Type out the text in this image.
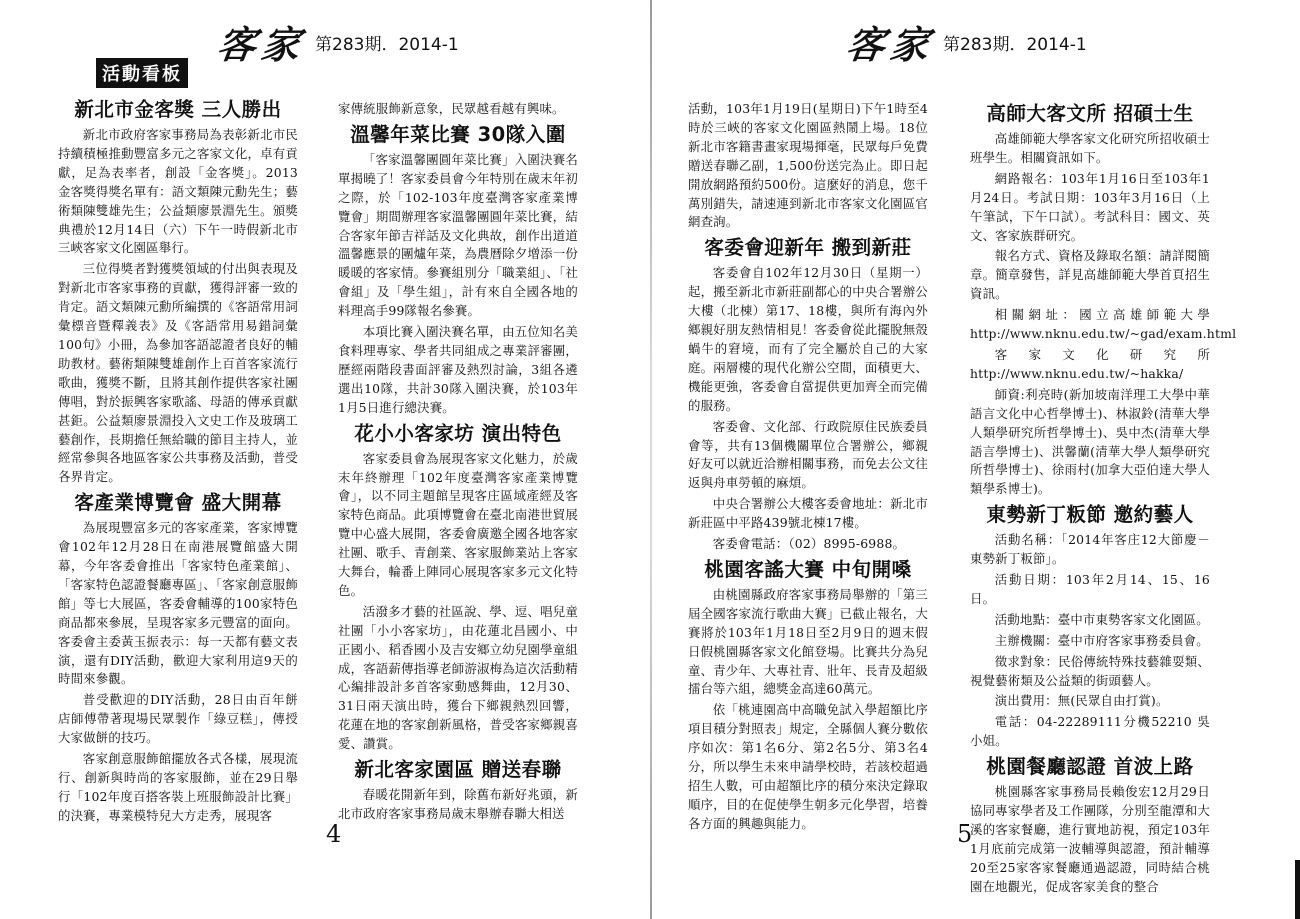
客家 第283期．2014-1
活動看板
新北市金客獎 三人勝出

新北市政府客家事務局為表彰新北市民持續積極推動豐富多元之客家文化，卓有貢獻，足為表率者，創設「金客獎」。2013金客獎得獎名單有：語文類陳元勳先生；藝術類陳雙雄先生；公益類廖景淵先生。頒獎典禮於12月14日（六）下午一時假新北市三峽客家文化園區舉行。

三位得獎者對獲獎領域的付出與表現及對新北市客家事務的貢獻，獲得評審一致的肯定。語文類陳元勳所編撰的《客語常用詞彙標音暨釋義表》及《客語常用易錯詞彙100句》小冊，為參加客語認證者良好的輔助教材。藝術類陳雙雄創作上百首客家流行歌曲，獲獎不斷，且將其創作提供客家社團傳唱，對於振興客家歌謠、母語的傳承貢獻甚鉅。公益類廖景淵投入文史工作及玻璃工藝創作，長期擔任無給職的節目主持人，並經常參與各地區客家公共事務及活動，普受各界肯定。

客產業博覽會 盛大開幕

為展現豐富多元的客家產業，客家博覽會102年12月28日在南港展覽館盛大開幕，今年客委會推出「客家特色產業館」、「客家特色認證餐廳專區」、「客家創意服飾館」等七大展區，客委會輔導的100家特色商品都來參展，呈現客家多元豐富的面向。 客委會主委黃玉振表示：每一天都有藝文表演，還有DIY活動，歡迎大家利用這9天的時間來參觀。

普受歡迎的DIY活動，28日由百年餅店師傅帶著現場民眾製作「綠豆糕」，傳授大家做餅的技巧。

客家創意服飾館擺放各式各樣，展現流行、創新與時尚的客家服飾，並在29日舉行「102年度百搭客裝上班服飾設計比賽」的決賽，專業模特兒大方走秀，展現客

家傳統服飾新意象，民眾越看越有興味。

溫馨年菜比賽 30隊入圍

「客家溫馨團圓年菜比賽」入圍決賽名單揭曉了！客家委員會今年特別在歲末年初之際，於「102-103年度臺灣客家產業博覽會」期間辦理客家溫馨團圓年菜比賽，結合客家年節吉祥話及文化典故，創作出道道溫馨應景的團爐年菜，為農曆除夕增添一份暖暖的客家情。參賽組別分「職業組」、「社會組」及「學生組」，計有來自全國各地的料理高手99隊報名參賽。

本項比賽入圍決賽名單，由五位知名美食料理專家、學者共同組成之專業評審團，歷經兩階段書面評審及熱烈討論，3組各遴選出10隊，共計30隊入圍決賽，於103年1月5日進行總決賽。

花小小客家坊 演出特色

客家委員會為展現客家文化魅力，於歲末年終辦理「102年度臺灣客家產業博覽會」，以不同主題館呈現客庄區域產經及客家特色商品。此項博覽會在臺北南港世貿展覽中心盛大展開，客委會廣邀全國各地客家社團、歌手、青創業、客家服飾業站上客家大舞台，輪番上陣同心展現客家多元文化特色。

活潑多才藝的社區說、學、逗、唱兒童社團「小小客家坊」，由花蓮北昌國小、中正國小、稻香國小及吉安鄉立幼兒園學童組成，客語薪傳指導老師游淑梅為這次活動精心編排設計多首客家動感舞曲，12月30、31日兩天演出時，獲台下鄉親熱烈回響，花蓮在地的客家創新風格，普受客家鄉親喜愛、讚賞。

新北客家園區 贈送春聯

春暖花開新年到，除舊布新好兆頭，新北市政府客家事務局歲末舉辦春聯大相送

4
客家 第283期．2014-1

活動，103年1月19日(星期日)下午1時至4時於三峽的客家文化園區熱鬧上場。18位新北市客籍書畫家現場揮毫，民眾每戶免費贈送春聯乙副，1,500份送完為止。即日起開放網路預約500份。這麼好的消息，您千萬別錯失，請速連到新北市客家文化園區官網查詢。

客委會迎新年 搬到新莊

客委會自102年12月30日（星期一）起，搬至新北市新莊副都心的中央合署辦公大樓（北棟）第17、18樓，與所有海內外鄉親好朋友熱情相見！客委會從此擺脫無殼蝸牛的窘境，而有了完全屬於自己的大家庭。兩層樓的現代化辦公空間，面積更大、機能更強，客委會自當提供更加齊全而完備的服務。

客委會、文化部、行政院原住民族委員會等，共有13個機關單位合署辦公，鄉親好友可以就近洽辦相關事務，而免去公文往返與舟車勞頓的麻煩。

中央合署辦公大樓客委會地址：新北市新莊區中平路439號北棟17樓。

客委會電話：（02）8995-6988。

桃園客謠大賽 中旬開嗓

由桃園縣政府客家事務局舉辦的「第三屆全國客家流行歌曲大賽」已截止報名，大賽將於103年1月18日至2月9日的週末假日假桃園縣客家文化館登場。比賽共分為兒童、青少年、大專社青、壯年、長青及超級擂台等六組，總獎金高達60萬元。

依「桃連園高中高職免試入學超額比序項目積分對照表」規定，全縣個人賽分數依序如次：第1名6分、第2名5分、第3名4分，所以學生未來申請學校時，若該校超過招生人數，可由超額比序的積分來決定錄取順序，目的在促使學生朝多元化學習，培養各方面的興趣與能力。

高師大客文所 招碩士生

高雄師範大學客家文化研究所招收碩士班學生。相關資訊如下。

網路報名：103年1月16日至103年1月24日。考試日期：103年3月16日（上午筆試，下午口試）。考試科目：國文、英文、客家族群研究。

報名方式、資格及錄取名額：請詳閱簡章。簡章發售，詳見高雄師範大學首頁招生資訊。

相關網址：國立高雄師範大學http://www.nknu.edu.tw/~gad/exam.html

客家文化研究所http://www.nknu.edu.tw/~hakka/

師資:利亮時(新加坡南洋理工大學中華語言文化中心哲學博士)、林淑鈴(清華大學人類學研究所哲學博士)、吳中杰(清華大學語言學博士)、洪馨蘭(清華大學人類學研究所哲學博士)、徐雨村(加拿大亞伯達大學人類學系博士)。

東勢新丁粄節 邀約藝人

活動名稱：「2014年客庄12大節慶－東勢新丁粄節」。

活動日期：103年2月14、15、16日。

活動地點：臺中市東勢客家文化園區。

主辦機關：臺中市府客家事務委員會。

徵求對象：民俗傳統特殊技藝雜耍類、視覺藝術類及公益類的街頭藝人。

演出費用：無(民眾自由打賞)。

電話：04-22289111分機52210 吳小姐。

桃園餐廳認證 首波上路

桃園縣客家事務局長賴俊宏12月29日協同專家學者及工作團隊，分別至龍潭和大溪的客家餐廳，進行實地訪視，預定103年1月底前完成第一波輔導與認證，預計輔導20至25家客家餐廳通過認證，同時結合桃園在地觀光，促成客家美食的整合

5
